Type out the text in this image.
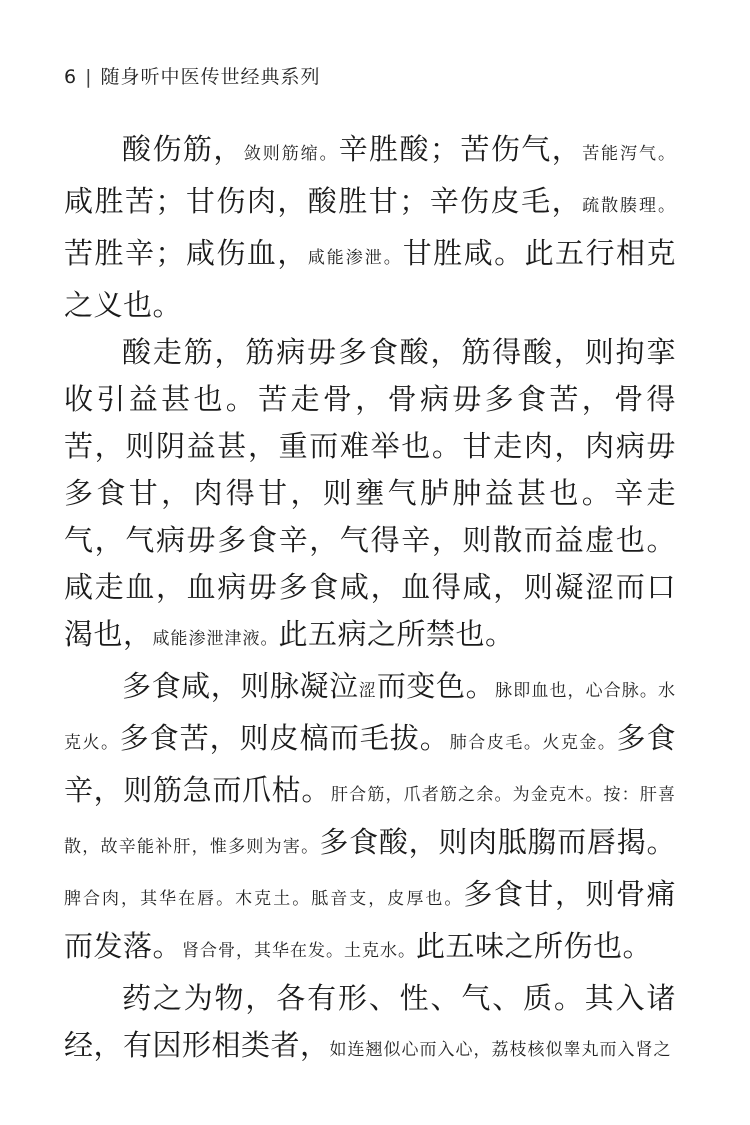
6 | 随身听中医传世经典系列

酸伤筋，敛则筋缩。辛胜酸；苦伤气，苦能泻气。咸胜苦；甘伤肉，酸胜甘；辛伤皮毛，疏散腠理。苦胜辛；咸伤血，咸能渗泄。甘胜咸。此五行相克之义也。

酸走筋，筋病毋多食酸，筋得酸，则拘挛收引益甚也。苦走骨，骨病毋多食苦，骨得苦，则阴益甚，重而难举也。甘走肉，肉病毋多食甘，肉得甘，则壅气胪肿益甚也。辛走气，气病毋多食辛，气得辛，则散而益虚也。咸走血，血病毋多食咸，血得咸，则凝涩而口渴也，咸能渗泄津液。此五病之所禁也。

多食咸，则脉凝泣涩而变色。脉即血也，心合脉。水克火。多食苦，则皮槁而毛拔。肺合皮毛。火克金。多食辛，则筋急而爪枯。肝合筋，爪者筋之余。为金克木。按：肝喜散，故辛能补肝，惟多则为害。多食酸，则肉胝䐢而唇揭。脾合肉，其华在唇。木克土。胝音支，皮厚也。多食甘，则骨痛而发落。肾合骨，其华在发。土克水。此五味之所伤也。

药之为物，各有形、性、气、质。其入诸经，有因形相类者，如连翘似心而入心，荔枝核似睾丸而入肾之
